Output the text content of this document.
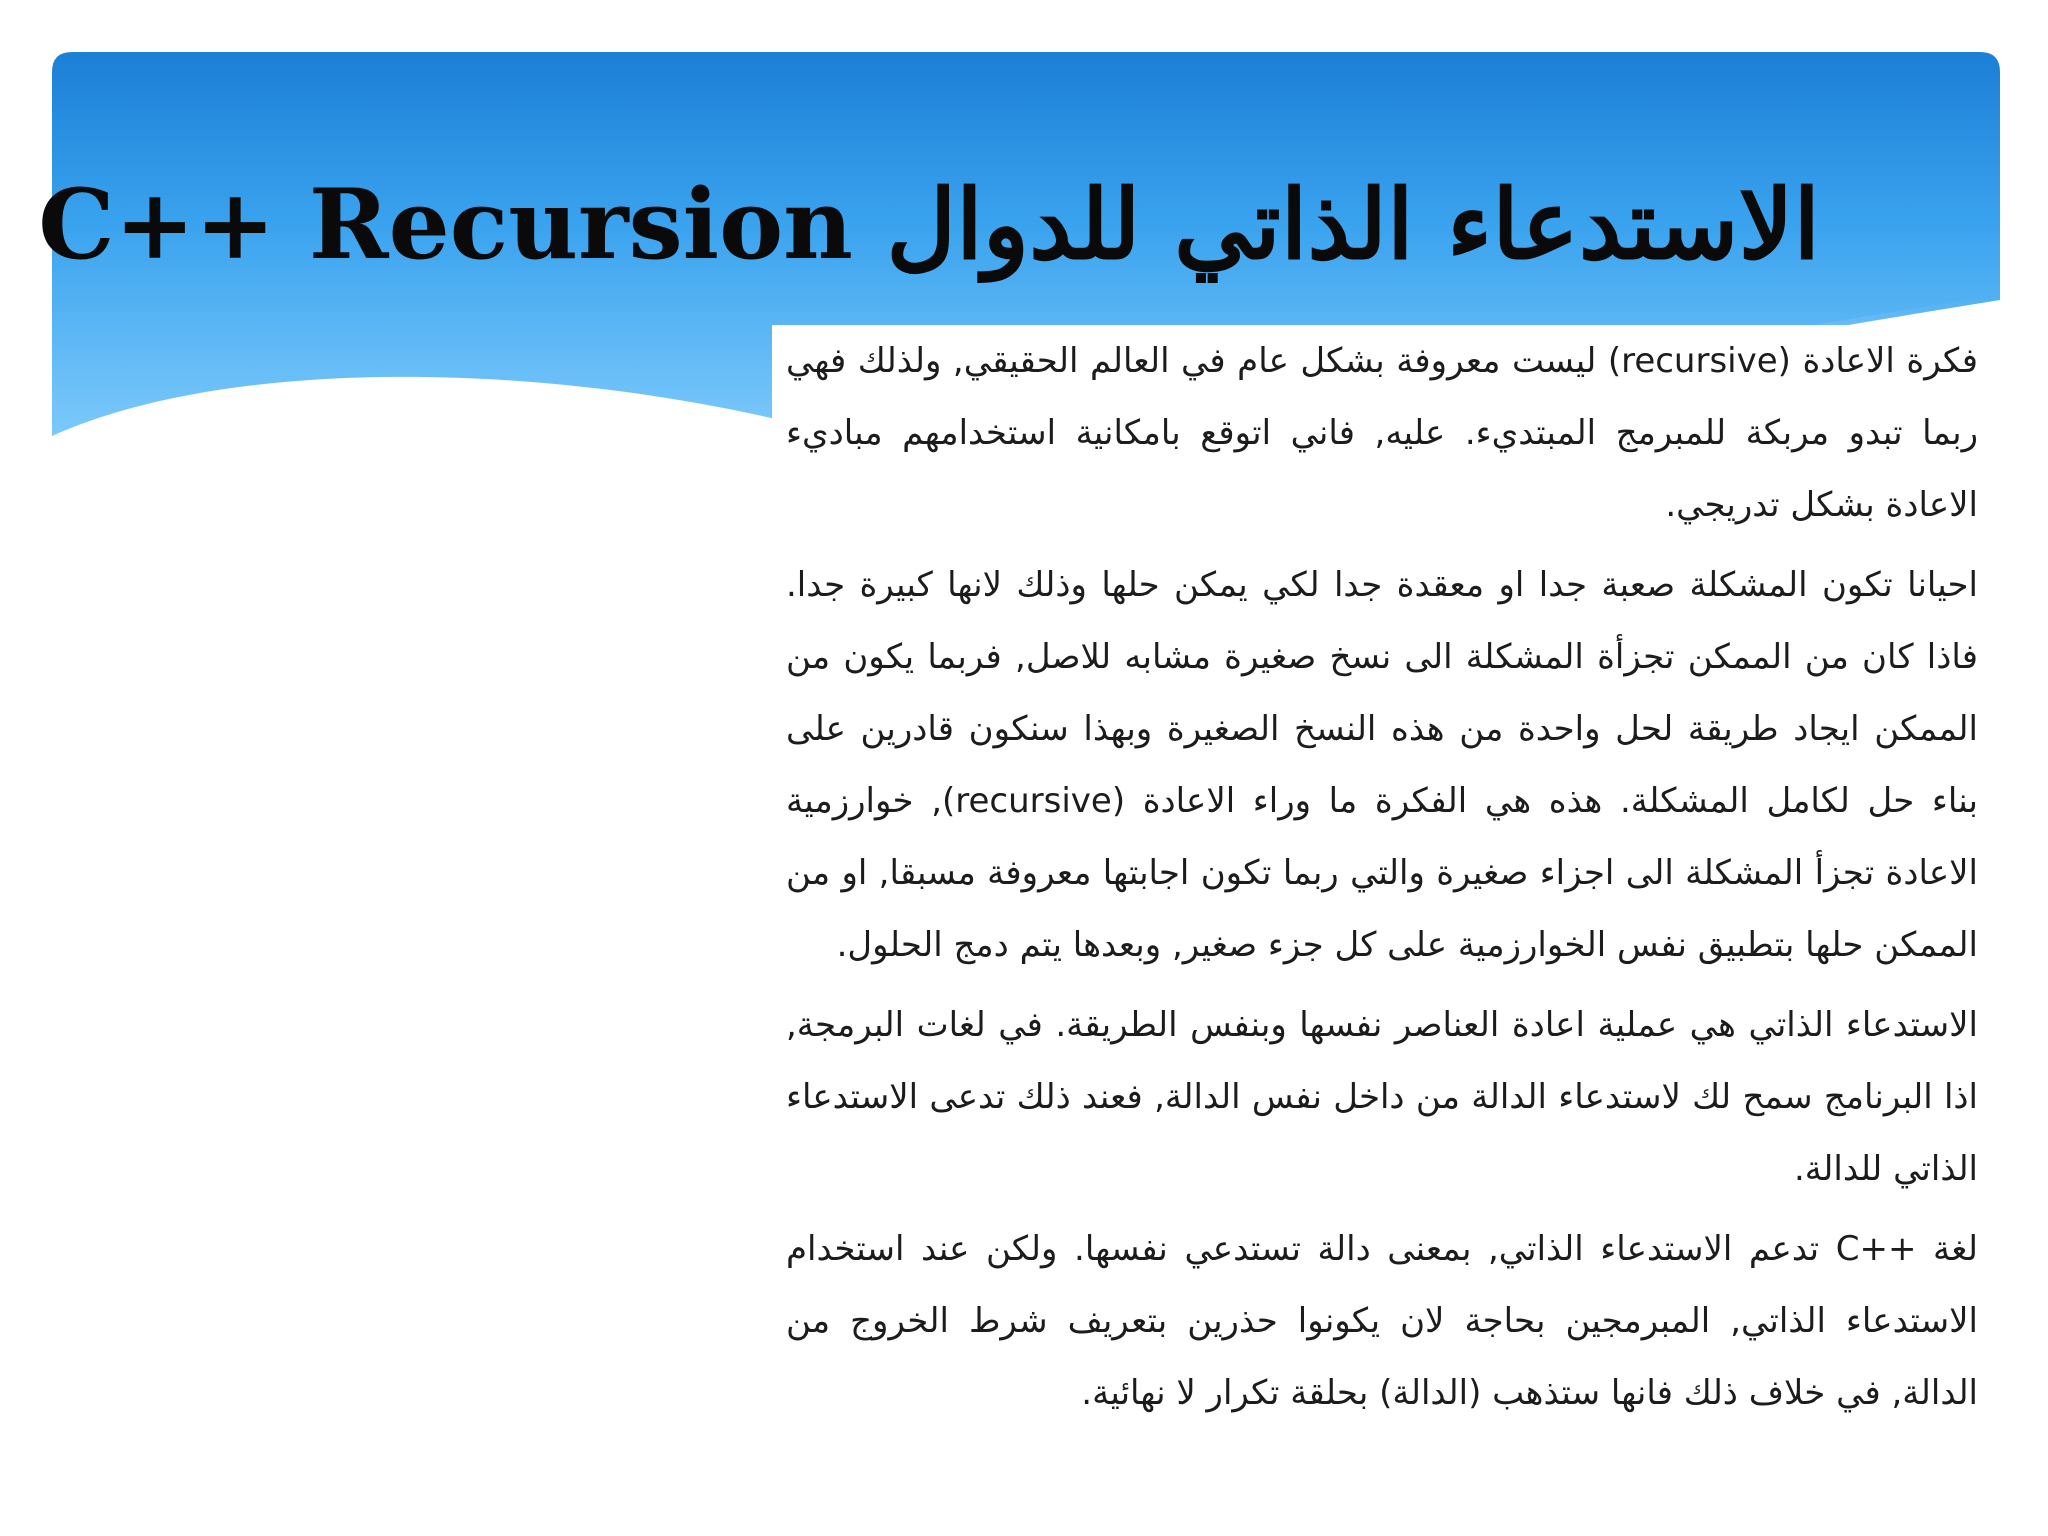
الاستدعاء الذاتي للدوال C++ Recursion

فكرة الاعادة (recursive) ليست معروفة بشكل عام في العالم الحقيقي, ولذلك فهي ربما تبدو مربكة للمبرمج المبتديء. عليه, فاني اتوقع بامكانية استخدامهم مباديء الاعادة بشكل تدريجي.

احيانا تكون المشكلة صعبة جدا او معقدة جدا لكي يمكن حلها وذلك لانها كبيرة جدا. فاذا كان من الممكن تجزأة المشكلة الى نسخ صغيرة مشابه للاصل, فربما يكون من الممكن ايجاد طريقة لحل واحدة من هذه النسخ الصغيرة وبهذا سنكون قادرين على بناء حل لكامل المشكلة. هذه هي الفكرة ما وراء الاعادة (recursive), خوارزمية الاعادة تجزأ المشكلة الى اجزاء صغيرة والتي ربما تكون اجابتها معروفة مسبقا, او من الممكن حلها بتطبيق نفس الخوارزمية على كل جزء صغير, وبعدها يتم دمج الحلول.

الاستدعاء الذاتي هي عملية اعادة العناصر نفسها وبنفس الطريقة. في لغات البرمجة, اذا البرنامج سمح لك لاستدعاء الدالة من داخل نفس الدالة, فعند ذلك تدعى الاستدعاء الذاتي للدالة.

لغة ++C تدعم الاستدعاء الذاتي, بمعنى دالة تستدعي نفسها. ولكن عند استخدام الاستدعاء الذاتي, المبرمجين بحاجة لان يكونوا حذرين بتعريف شرط الخروج من الدالة, في خلاف ذلك فانها ستذهب (الدالة) بحلقة تكرار لا نهائية.
